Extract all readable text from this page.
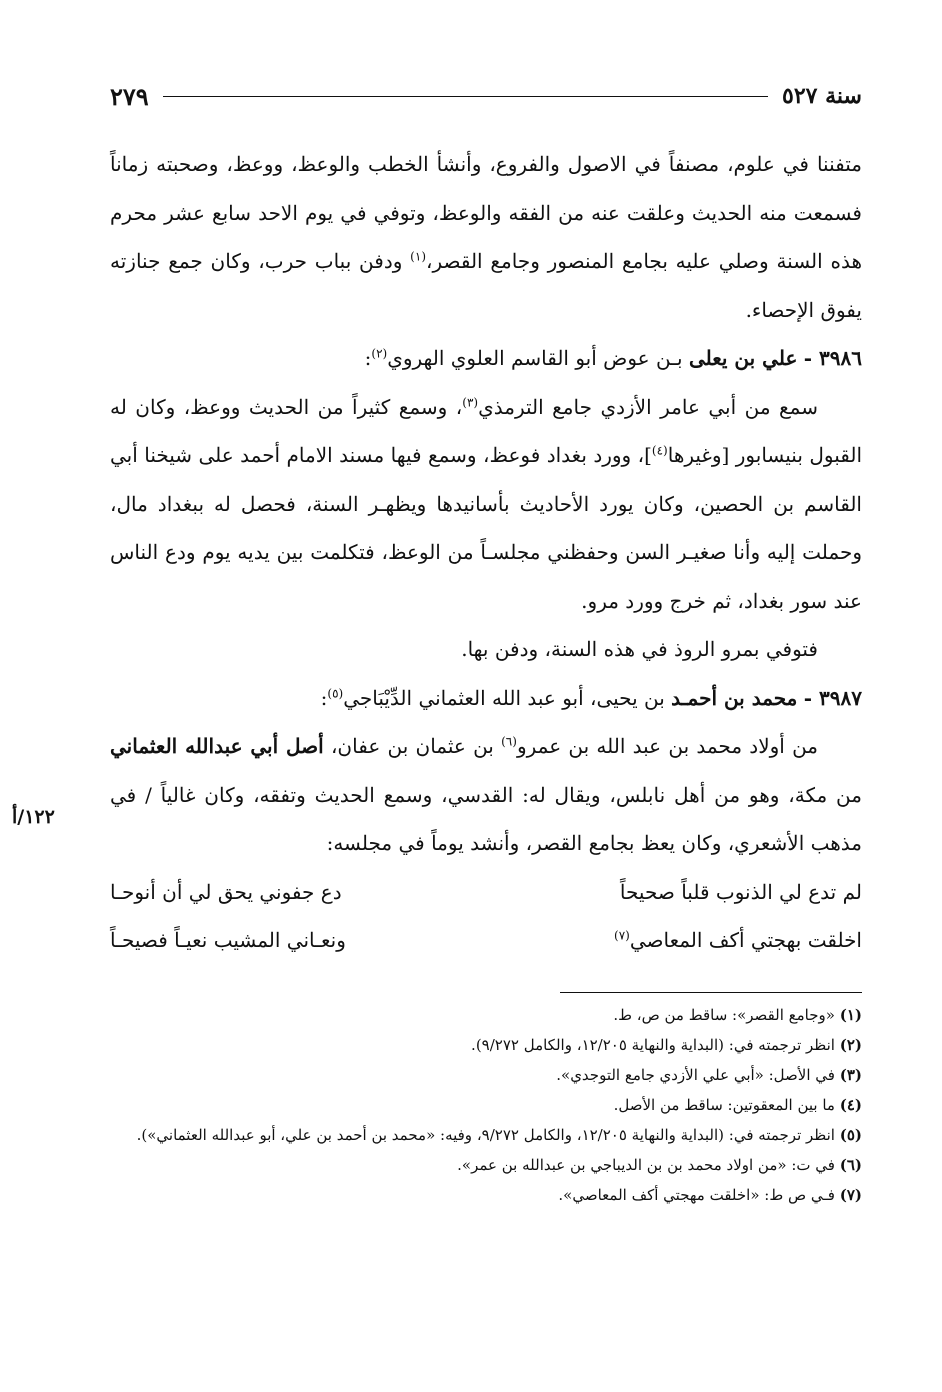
سنة ٥٢٧
٢٧٩

متفننا في علوم، مصنفاً في الاصول والفروع، وأنشأ الخطب والوعظ، ووعظ، وصحبته زماناً فسمعت منه الحديث وعلقت عنه من الفقه والوعظ، وتوفي في يوم الاحد سابع عشر محرم هذه السنة وصلي عليه بجامع المنصور وجامع القصر،$^{(١)}$ ودفن بباب حرب، وكان جمع جنازته يفوق الإحصاء.

٣٩٨٦ - علي بن يعلى بـن عوض أبو القاسم العلوي الهروي$^{(٢)}$:

سمع من أبي عامر الأزدي جامع الترمذي$^{(٣)}$، وسمع كثيراً من الحديث ووعظ، وكان له القبول بنيسابور [وغيرها$^{(٤)}$]، وورد بغداد فوعظ، وسمع فيها مسند الامام أحمد على شيخنا أبي القاسم بن الحصين، وكان يورد الأحاديث بأسانيدها ويظهـر السنة، فحصل له ببغداد مال، وحملت إليه وأنا صغيـر السن وحفظني مجلسـاً من الوعظ، فتكلمت بين يديه يوم ودع الناس عند سور بغداد، ثم خرج وورد مرو.

فتوفي بمرو الروذ في هذه السنة، ودفن بها.

٣٩٨٧ - محمد بن أحمـد بن يحيى، أبو عبد الله العثماني الدِّيْبَاجي$^{(٥)}$:

من أولاد محمد بن عبد الله بن عمرو$^{(٦)}$ بن عثمان بن عفان، أصل أبي عبدالله العثماني من مكة، وهو من أهل نابلس، ويقال له: القدسي، وسمع الحديث وتفقه، وكان غالياً / في مذهب الأشعري، وكان يعظ بجامع القصر، وأنشد يوماً في مجلسه:

لم تدع لي الذنوب قلباً صحيحاً
دع جفوني يحق لي أن أنوحـا
اخلقت بهجتي أكف المعاصي$^{(٧)}$
ونعـاني المشيب نعيـاً فصيحـاً
١٢٢/أ

(١) «وجامع القصر»: ساقط من ص، ط.

(٢) انظر ترجمته في: (البداية والنهاية ١٢/٢٠٥، والكامل ٩/٢٧٢).

(٣) في الأصل: «أبي علي الأزدي جامع التوجدي».

(٤) ما بين المعقوتين: ساقط من الأصل.

(٥) انظر ترجمته في: (البداية والنهاية ١٢/٢٠٥، والكامل ٩/٢٧٢، وفيه: «محمد بن أحمد بن علي، أبو عبدالله العثماني»).

(٦) في ت: «من اولاد محمد بن بن الديباجي بن عبدالله بن عمر».

(٧) فـي ص ط: «اخلقت مهجتي أكف المعاصي».
